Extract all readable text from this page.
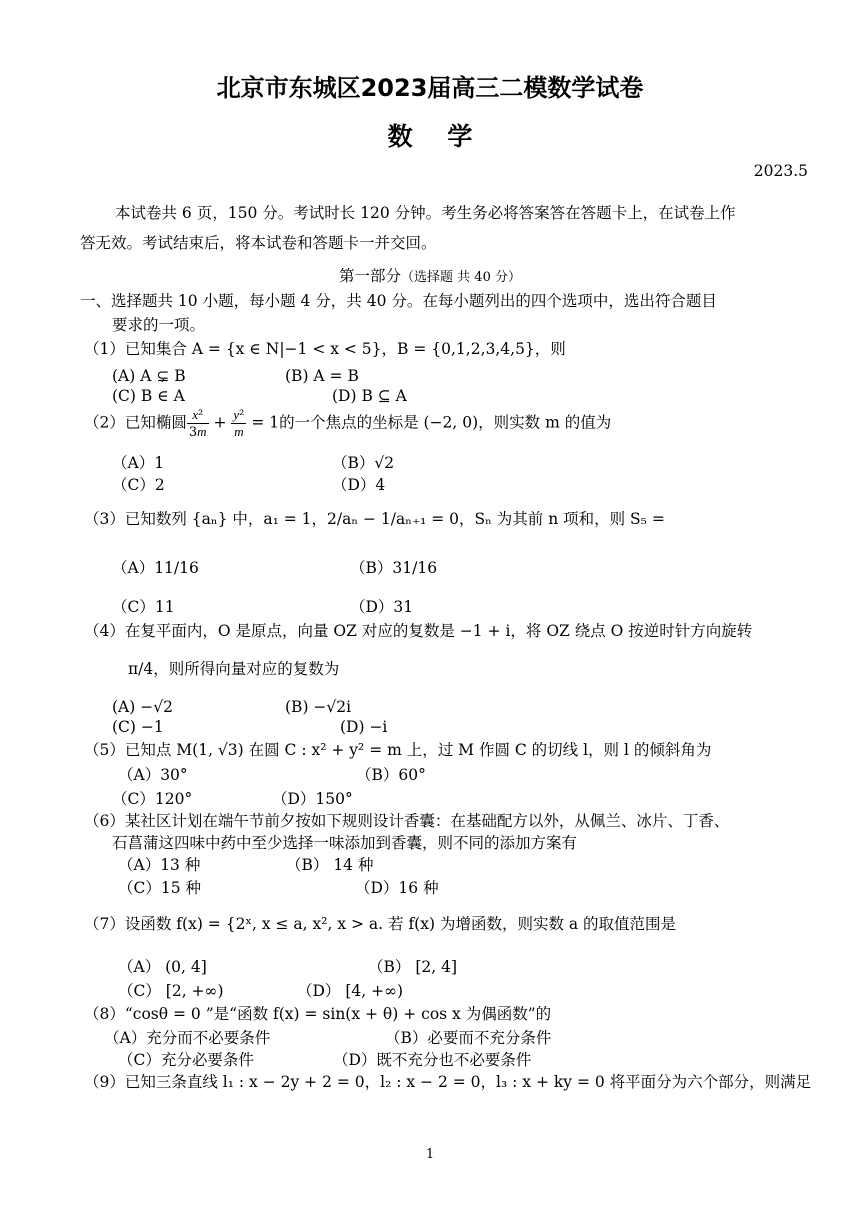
北京市东城区2023届高三二模数学试卷
数    学
2023.5
本试卷共 6 页，150 分。考试时长 120 分钟。考生务必将答案答在答题卡上，在试卷上作
答无效。考试结束后，将本试卷和答题卡一并交回。
第一部分（选择题 共 40 分）
一、选择题共 10 小题，每小题 4 分，共 40 分。在每小题列出的四个选项中，选出符合题目
要求的一项。
（1）已知集合 A = {x ∈ N|−1 < x < 5}，B = {0,1,2,3,4,5}，则
(A) A ⊊ B	(B) A = B
(C) B ∈ A	(D) B ⊆ A
（2）已知椭圆 $\frac{\text{x²}}{3m} + \frac{\text{y²}}{m} = 1$的一个焦点的坐标是 (−2, 0)，则实数 m 的值为
（A）1	（B）√2
（C）2	（D）4
（3）已知数列 {aₙ} 中，a₁ = 1，2/aₙ − 1/aₙ₊₁ = 0，Sₙ 为其前 n 项和，则 S₅ =
（A）11/16	（B）31/16
（C）11	（D）31
（4）在复平面内，O 是原点，向量 OZ 对应的复数是 −1 + i，将 OZ 绕点 O 按逆时针方向旋转
π/4，则所得向量对应的复数为
(A) −√2	(B) −√2i
(C) −1	(D) −i
（5）已知点 M(1, √3) 在圆 C : x² + y² = m 上，过 M 作圆 C 的切线 l，则 l 的倾斜角为
（A）30°	（B）60°
（C）120°	（D）150°
（6）某社区计划在端午节前夕按如下规则设计香囊：在基础配方以外，从佩兰、冰片、丁香、
石菖蒲这四味中药中至少选择一味添加到香囊，则不同的添加方案有
（A）13 种	（B） 14 种
（C）15 种	（D）16 种
（7）设函数 f(x) = {2ˣ, x ≤ a, x², x > a. 若 f(x) 为增函数，则实数 a 的取值范围是
（A） (0, 4]	（B） [2, 4]
（C） [2, +∞)	（D） [4, +∞)
（8）“cosθ = 0 ”是“函数 f(x) = sin(x + θ) + cos x 为偶函数”的
（A）充分而不必要条件	（B）必要而不充分条件
（C）充分必要条件	（D）既不充分也不必要条件
（9）已知三条直线 l₁ : x − 2y + 2 = 0，l₂ : x − 2 = 0，l₃ : x + ky = 0 将平面分为六个部分，则满足
1
